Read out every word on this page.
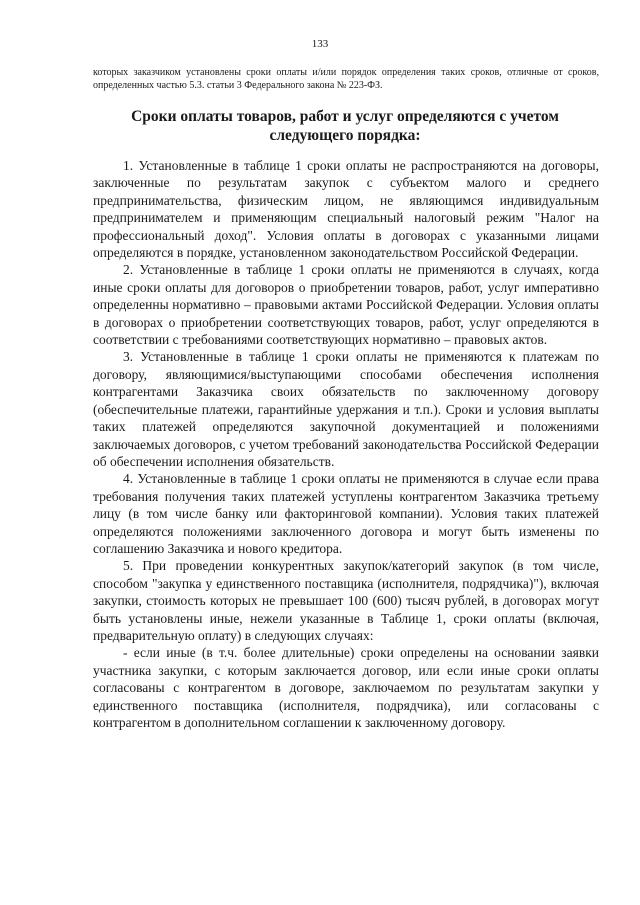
133
которых заказчиком установлены сроки оплаты и/или порядок определения таких сроков, отличные от сроков, определенных частью 5.3. статьи 3 Федерального закона № 223-ФЗ.
Сроки оплаты товаров, работ и услуг определяются с учетом следующего порядка:

1. Установленные в таблице 1 сроки оплаты не распространяются на договоры, заключенные по результатам закупок с субъектом малого и среднего предпринимательства, физическим лицом, не являющимся индивидуальным предпринимателем и применяющим специальный налоговый режим "Налог на профессиональный доход". Условия оплаты в договорах с указанными лицами определяются в порядке, установленном законодательством Российской Федерации.

2. Установленные в таблице 1 сроки оплаты не применяются в случаях, когда иные сроки оплаты для договоров о приобретении товаров, работ, услуг императивно определенны нормативно – правовыми актами Российской Федерации. Условия оплаты в договорах о приобретении соответствующих товаров, работ, услуг определяются в соответствии с требованиями соответствующих нормативно – правовых актов.

3. Установленные в таблице 1 сроки оплаты не применяются к платежам по договору, являющимися/выступающими способами обеспечения исполнения контрагентами Заказчика своих обязательств по заключенному договору (обеспечительные платежи, гарантийные удержания и т.п.). Сроки и условия выплаты таких платежей определяются закупочной документацией и положениями заключаемых договоров, с учетом требований законодательства Российской Федерации об обеспечении исполнения обязательств.

4. Установленные в таблице 1 сроки оплаты не применяются в случае если права требования получения таких платежей уступлены контрагентом Заказчика третьему лицу (в том числе банку или факторинговой компании). Условия таких платежей определяются положениями заключенного договора и могут быть изменены по соглашению Заказчика и нового кредитора.

5. При проведении конкурентных закупок/категорий закупок (в том числе, способом "закупка у единственного поставщика (исполнителя, подрядчика)"), включая закупки, стоимость которых не превышает 100 (600) тысяч рублей, в договорах могут быть установлены иные, нежели указанные в Таблице 1, сроки оплаты (включая, предварительную оплату) в следующих случаях:

- если иные (в т.ч. более длительные) сроки определены на основании заявки участника закупки, с которым заключается договор, или если иные сроки оплаты согласованы с контрагентом в договоре, заключаемом по результатам закупки у единственного поставщика (исполнителя, подрядчика), или согласованы с контрагентом в дополнительном соглашении к заключенному договору.
